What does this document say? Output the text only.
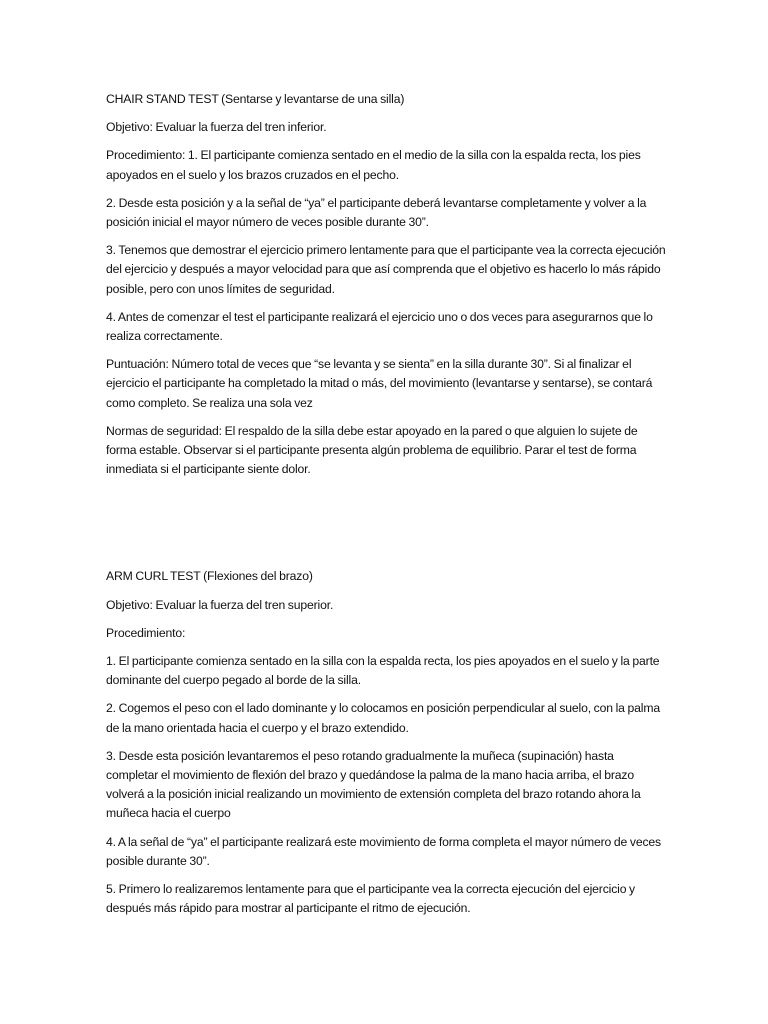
CHAIR STAND TEST (Sentarse y levantarse de una silla)

Objetivo: Evaluar la fuerza del tren inferior.

Procedimiento: 1. El participante comienza sentado en el medio de la silla con la espalda recta, los pies apoyados en el suelo y los brazos cruzados en el pecho.

2. Desde esta posición y a la señal de “ya” el participante deberá levantarse completamente y volver a la posición inicial el mayor número de veces posible durante 30”.

3. Tenemos que demostrar el ejercicio primero lentamente para que el participante vea la correcta ejecución del ejercicio y después a mayor velocidad para que así comprenda que el objetivo es hacerlo lo más rápido posible, pero con unos límites de seguridad.

4. Antes de comenzar el test el participante realizará el ejercicio uno o dos veces para asegurarnos que lo realiza correctamente.

Puntuación: Número total de veces que “se levanta y se sienta” en la silla durante 30”. Si al finalizar el ejercicio el participante ha completado la mitad o más, del movimiento (levantarse y sentarse), se contará como completo. Se realiza una sola vez

Normas de seguridad: El respaldo de la silla debe estar apoyado en la pared o que alguien lo sujete de forma estable. Observar si el participante presenta algún problema de equilibrio. Parar el test de forma inmediata si el participante siente dolor.

ARM CURL TEST (Flexiones del brazo)

Objetivo: Evaluar la fuerza del tren superior.

Procedimiento:

1. El participante comienza sentado en la silla con la espalda recta, los pies apoyados en el suelo y la parte dominante del cuerpo pegado al borde de la silla.

2. Cogemos el peso con el lado dominante y lo colocamos en posición perpendicular al suelo, con la palma de la mano orientada hacia el cuerpo y el brazo extendido.

3. Desde esta posición levantaremos el peso rotando gradualmente la muñeca (supinación) hasta completar el movimiento de flexión del brazo y quedándose la palma de la mano hacia arriba, el brazo volverá a la posición inicial realizando un movimiento de extensión completa del brazo rotando ahora la muñeca hacia el cuerpo

4. A la señal de “ya” el participante realizará este movimiento de forma completa el mayor número de veces posible durante 30”.

5. Primero lo realizaremos lentamente para que el participante vea la correcta ejecución del ejercicio y después más rápido para mostrar al participante el ritmo de ejecución.
